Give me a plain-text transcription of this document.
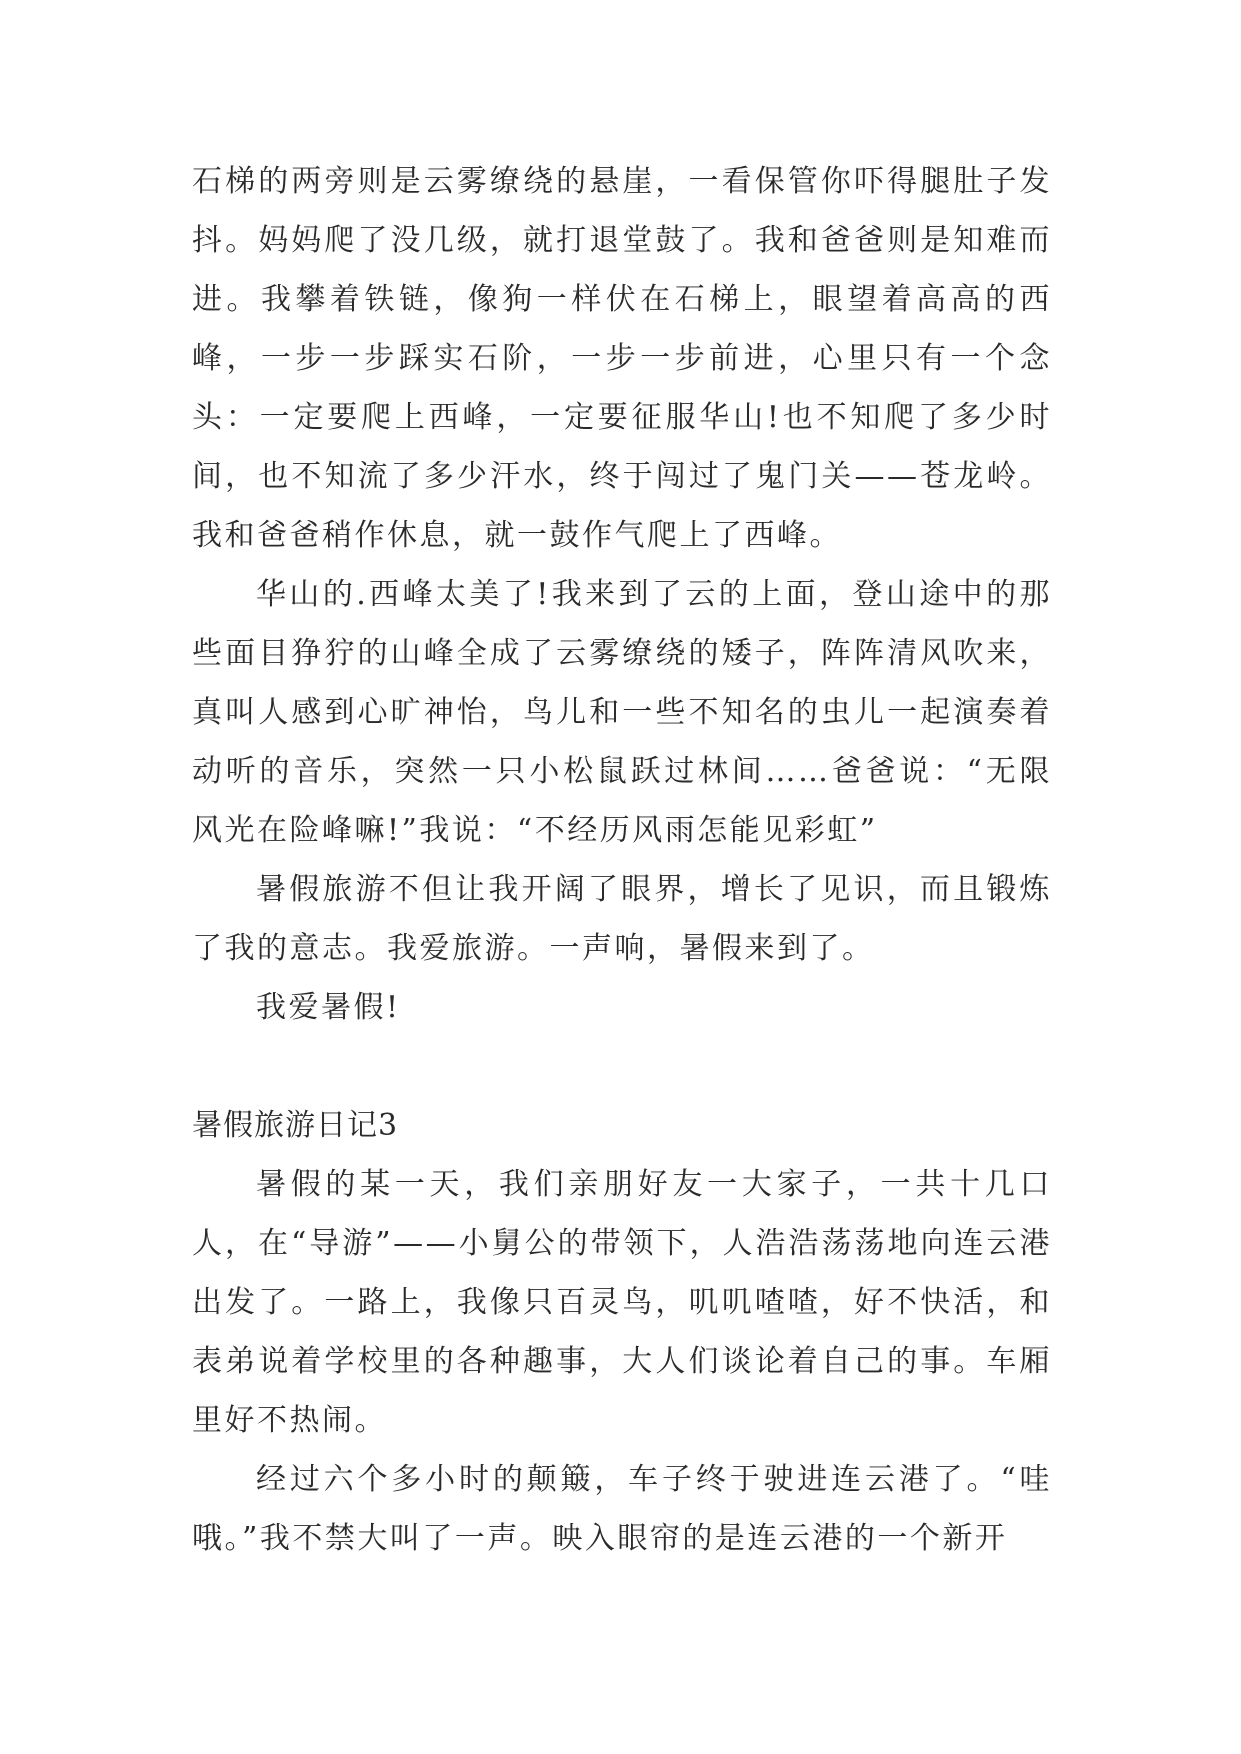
石梯的两旁则是云雾缭绕的悬崖，一看保管你吓得腿肚子发抖。妈妈爬了没几级，就打退堂鼓了。我和爸爸则是知难而进。我攀着铁链，像狗一样伏在石梯上，眼望着高高的西峰，一步一步踩实石阶，一步一步前进，心里只有一个念头：一定要爬上西峰，一定要征服华山!也不知爬了多少时间，也不知流了多少汗水，终于闯过了鬼门关——苍龙岭。我和爸爸稍作休息，就一鼓作气爬上了西峰。

华山的.西峰太美了!我来到了云的上面，登山途中的那些面目狰狞的山峰全成了云雾缭绕的矮子，阵阵清风吹来，真叫人感到心旷神怡，鸟儿和一些不知名的虫儿一起演奏着动听的音乐，突然一只小松鼠跃过林间……爸爸说：“无限风光在险峰嘛!”我说：“不经历风雨怎能见彩虹”

暑假旅游不但让我开阔了眼界，增长了见识，而且锻炼了我的意志。我爱旅游。一声响，暑假来到了。

我爱暑假!

暑假旅游日记3

暑假的某一天，我们亲朋好友一大家子，一共十几口人，在“导游”——小舅公的带领下，人浩浩荡荡地向连云港出发了。一路上，我像只百灵鸟，叽叽喳喳，好不快活，和表弟说着学校里的各种趣事，大人们谈论着自己的事。车厢里好不热闹。

经过六个多小时的颠簸，车子终于驶进连云港了。“哇哦。”我不禁大叫了一声。映入眼帘的是连云港的一个新开
